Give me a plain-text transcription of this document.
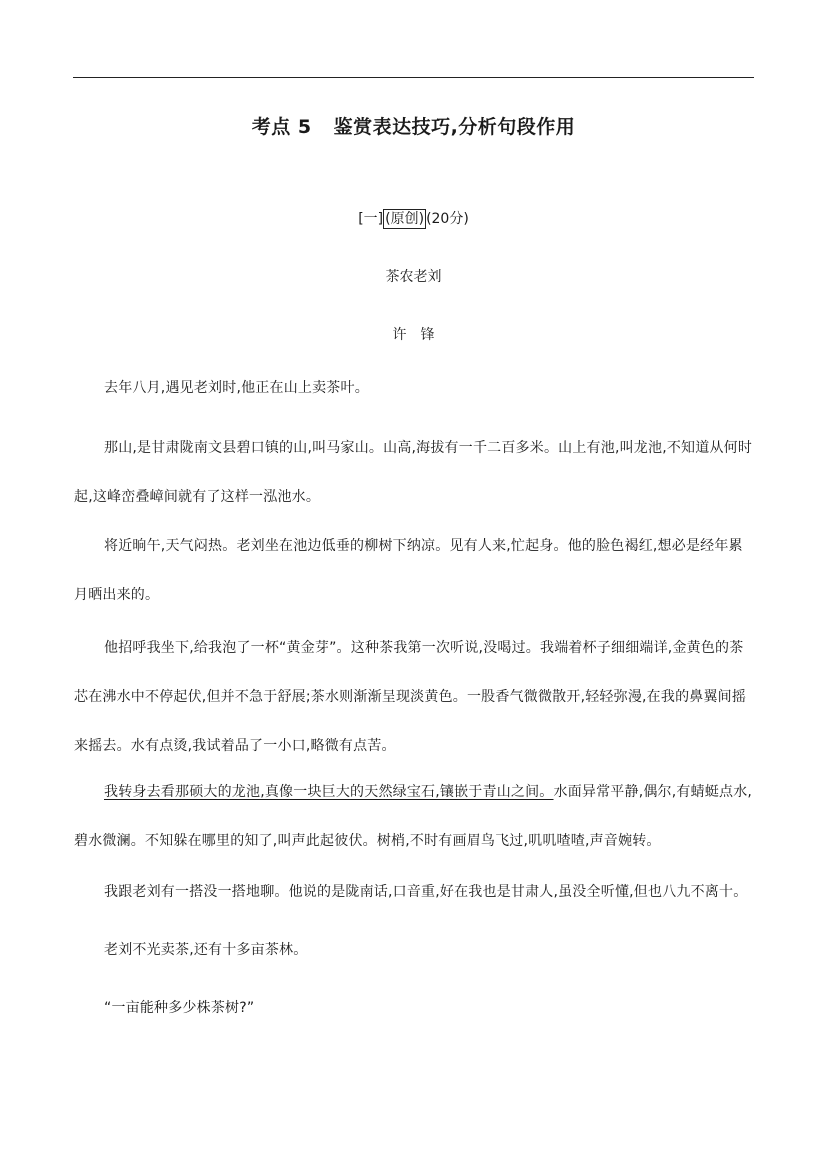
考点 5 鉴赏表达技巧,分析句段作用
[一] (原创) (20分)
茶农老刘
许锋
去年八月,遇见老刘时,他正在山上卖茶叶。
那山,是甘肃陇南文县碧口镇的山,叫马家山。山高,海拔有一千二百多米。山上有池,叫龙池,不知道从何时起,这峰峦叠嶂间就有了这样一泓池水。
将近晌午,天气闷热。老刘坐在池边低垂的柳树下纳凉。见有人来,忙起身。他的脸色褐红,想必是经年累月晒出来的。
他招呼我坐下,给我泡了一杯“黄金芽”。这种茶我第一次听说,没喝过。我端着杯子细细端详,金黄色的茶芯在沸水中不停起伏,但并不急于舒展;茶水则渐渐呈现淡黄色。一股香气微微散开,轻轻弥漫,在我的鼻翼间摇来摇去。水有点烫,我试着品了一小口,略微有点苦。
我转身去看那硕大的龙池,真像一块巨大的天然绿宝石,镶嵌于青山之间。水面异常平静,偶尔,有蜻蜓点水,碧水微澜。不知躲在哪里的知了,叫声此起彼伏。树梢,不时有画眉鸟飞过,叽叽喳喳,声音婉转。
我跟老刘有一搭没一搭地聊。他说的是陇南话,口音重,好在我也是甘肃人,虽没全听懂,但也八九不离十。
老刘不光卖茶,还有十多亩茶林。
“一亩能种多少株茶树?”
